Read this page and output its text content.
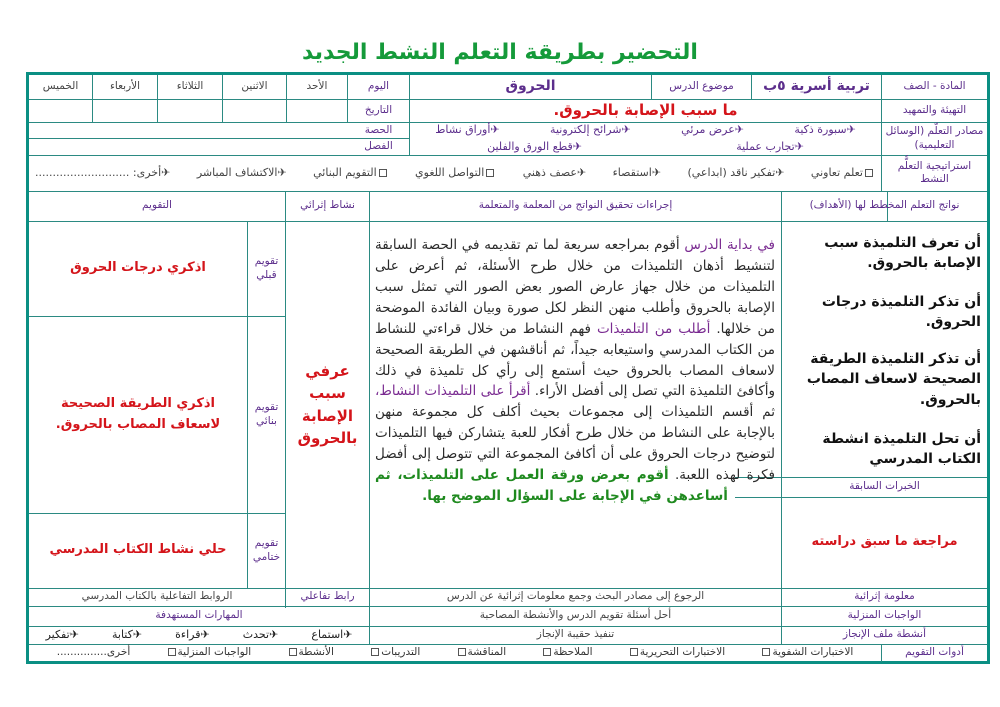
التحضير بطريقة التعلم النشط الجديد
المادة - الصف
تربية أسرية ٥ب
موضوع الدرس
الحروق
اليوم
الأحد
الاثنين
الثلاثاء
الأربعاء
الخميس
التهيئة والتمهيد
ما سبب الإصابة بالحروق.
التاريخ
مصادر التعلُّم (الوسائل التعليمية)
✈سبورة ذكية
✈عرض مرئي
✈شرائح إلكترونية
✈أوراق نشاط
✈تجارب عملية
✈قطع الورق والفلين
الحصة
الفصل
استراتيجية التعلُّم النشط
تعلم تعاوني
✈تفكير ناقد (ابداعي)
✈استقصاء
✈عصف ذهني
التواصل اللغوي
التقويم البنائي
✈الاكتشاف المباشر
✈أخرى: ...........................
نواتج التعلم المخطط لها (الأهداف)
إجراءات تحقيق النواتج من المعلمة والمتعلمة
نشاط إثرائي
التقويم
أن تعرف التلميذة سبب الإصابة بالحروق.
أن تذكر التلميذة درجات الحروق.
أن تذكر التلميذة الطريقة الصحيحة لاسعاف المصاب بالحروق.
أن تحل التلميذة انشطة الكتاب المدرسي
الخبرات السابقة
مراجعة ما سبق دراسته
في بداية الدرس أقوم بمراجعه سريعة لما تم تقديمه في الحصة السابقة لتنشيط أذهان التلميذات من خلال طرح الأسئلة، ثم أعرض على التلميذات من خلال جهاز عارض الصور بعض الصور التي تمثل سبب الإصابة بالحروق وأطلب منهن النظر لكل صورة وبيان الفائدة الموضحة من خلالها. أطلب من التلميذات فهم النشاط من خلال قراءتي للنشاط من الكتاب المدرسي واستيعابه جيداً، ثم أناقشهن في الطريقة الصحيحة لاسعاف المصاب بالحروق حيث أستمع إلى رأي كل تلميذة في ذلك وأكافئ التلميذة التي تصل إلى أفضل الأراء. أقرأ على التلميذات النشاط، ثم أقسم التلميذات إلى مجموعات بحيث أكلف كل مجموعة منهن بالإجابة على النشاط من خلال طرح أفكار للعبة يتشاركن فيها التلميذات لتوضيح درجات الحروق على أن أكافئ المجموعة التي تتوصل إلى أفضل فكرة لهذه اللعبة. أقوم بعرض ورقة العمل على التلميذات، ثم أساعدهن في الإجابة على السؤال الموضح بها.
عرفي سبب الإصابة بالحروق
تقويم قبلي
اذكري درجات الحروق
تقويم بنائي
اذكري الطريقة الصحيحة لاسعاف المصاب بالحروق.
تقويم ختامي
حلي نشاط الكتاب المدرسي
معلومة إثرائية
الرجوع إلى مصادر البحث وجمع معلومات إثرائية عن الدرس
رابط تفاعلي
الروابط التفاعلية بالكتاب المدرسي
الواجبات المنزلية
أحل أسئلة تقويم الدرس والأنشطة المصاحبة
المهارات المستهدفة
أنشطة ملف الإنجاز
تنفيذ حقيبة الإنجاز
✈استماع
✈تحدث
✈قراءة
✈كتابة
✈تفكير
أدوات التقويم
الاختبارات الشفوية
الاختبارات التحريرية
الملاحظة
المناقشة
التدريبات
الأنشطة
الواجبات المنزلية
أخرى...............
